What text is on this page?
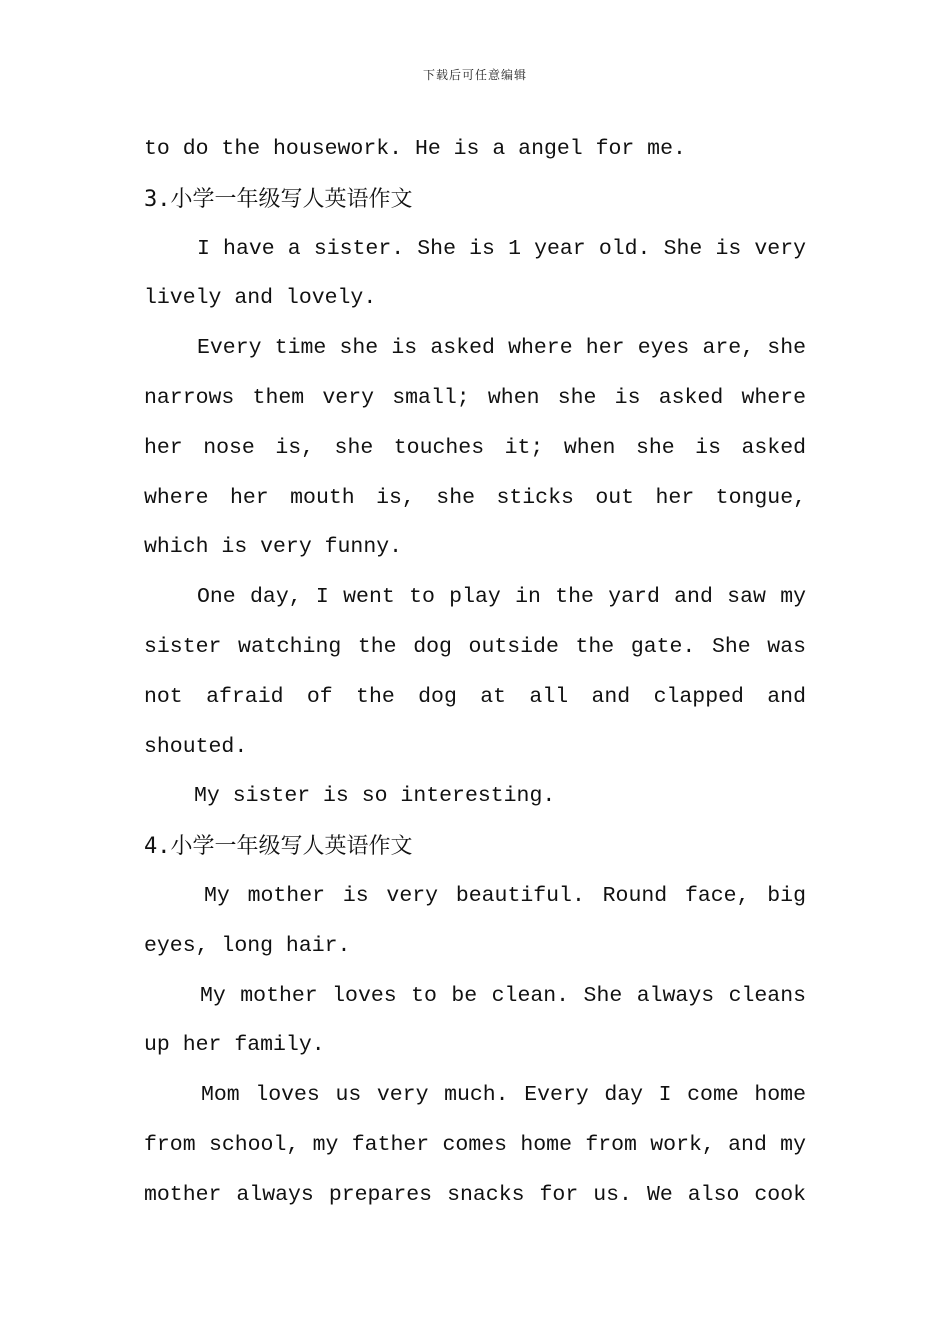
下载后可任意编辑
to do the housework. He is a angel for me.
3.小学一年级写人英语作文
I have a sister. She is 1 year old. She is very
lively and lovely.
Every time she is asked where her eyes are, she
narrows them very small; when she is asked where
her nose is, she touches it; when she is asked
where her mouth is, she sticks out her tongue,
which is very funny.
One day, I went to play in the yard and saw my
sister watching the dog outside the gate. She was
not afraid of the dog at all and clapped and
shouted.
My sister is so interesting.
4.小学一年级写人英语作文
My mother is very beautiful. Round face, big
eyes, long hair.
My mother loves to be clean. She always cleans
up her family.
Mom loves us very much. Every day I come home
from school, my father comes home from work, and my
mother always prepares snacks for us. We also cook
